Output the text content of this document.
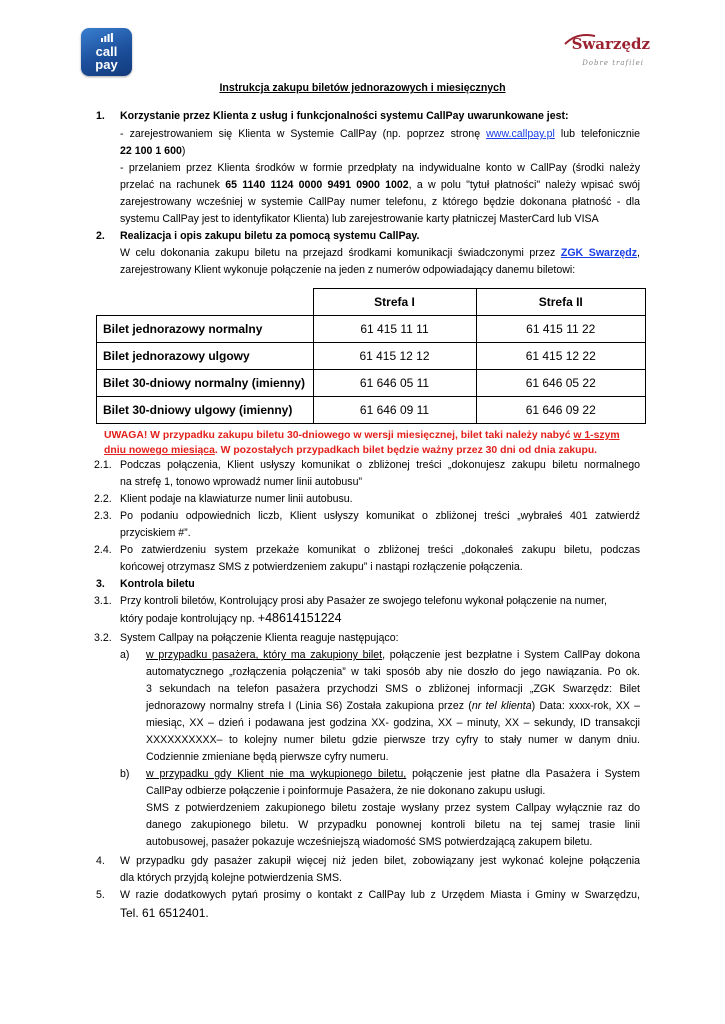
call
pay
Swarzędz
Dobre trafilei
Instrukcja zakupu biletów jednorazowych i miesięcznych
1. Korzystanie przez Klienta z usług i funkcjonalności systemu CallPay uwarunkowane jest:
- zarejestrowaniem się Klienta w Systemie CallPay (np. poprzez stronę www.callpay.pl lub telefonicznie
22 100 1 600)
- przelaniem przez Klienta środków w formie przedpłaty na indywidualne konto w CallPay (środki należy
przelać na rachunek 65 1140 1124 0000 9491 0900 1002, a w polu "tytuł płatności" należy wpisać swój
zarejestrowany wcześniej w systemie CallPay numer telefonu, z którego będzie dokonana płatność - dla
systemu CallPay jest to identyfikator Klienta) lub zarejestrowanie karty płatniczej MasterCard lub VISA
2. Realizacja i opis zakupu biletu za pomocą systemu CallPay.
W celu dokonania zakupu biletu na przejazd środkami komunikacji świadczonymi przez ZGK Swarzędz,
zarejestrowany Klient wykonuje połączenie na jeden z numerów odpowiadający danemu biletowi:
	Strefa I	Strefa II
Bilet jednorazowy normalny	61 415 11 11	61 415 11 22
Bilet jednorazowy ulgowy	61 415 12 12	61 415 12 22
Bilet 30-dniowy normalny (imienny)	61 646 05 11	61 646 05 22
Bilet 30-dniowy ulgowy (imienny)	61 646 09 11	61 646 09 22
UWAGA! W przypadku zakupu biletu 30-dniowego w wersji miesięcznej, bilet taki należy nabyć w 1-szym
dniu nowego miesiąca. W pozostałych przypadkach bilet będzie ważny przez 30 dni od dnia zakupu.
2.1. Podczas połączenia, Klient usłyszy komunikat o zbliżonej treści „dokonujesz zakupu biletu normalnego
na strefę 1, tonowo wprowadź numer linii autobusu”
2.2. Klient podaje na klawiaturze numer linii autobusu.
2.3. Po podaniu odpowiednich liczb, Klient usłyszy komunikat o zbliżonej treści „wybrałeś 401 zatwierdź
przyciskiem #”.
2.4. Po zatwierdzeniu system przekaże komunikat o zbliżonej treści „dokonałeś zakupu biletu, podczas
końcowej otrzymasz SMS z potwierdzeniem zakupu” i nastąpi rozłączenie połączenia.
3. Kontrola biletu
3.1. Przy kontroli biletów, Kontrolujący prosi aby Pasażer ze swojego telefonu wykonał połączenie na numer,
który podaje kontrolujący np. +48614151224
3.2. System Callpay na połączenie Klienta reaguje następująco:
a) w przypadku pasażera, który ma zakupiony bilet, połączenie jest bezpłatne i System CallPay dokona
automatycznego „rozłączenia połączenia” w taki sposób aby nie doszło do jego nawiązania. Po ok.
3 sekundach na telefon pasażera przychodzi SMS o zbliżonej informacji „ZGK Swarzędz: Bilet
jednorazowy normalny strefa I (Linia S6) Została zakupiona przez (nr tel klienta) Data: xxxx-rok, XX –
miesiąc, XX – dzień i podawana jest godzina XX- godzina, XX – minuty, XX – sekundy, ID transakcji
XXXXXXXXXX– to kolejny numer biletu gdzie pierwsze trzy cyfry to stały numer w danym dniu.
Codziennie zmieniane będą pierwsze cyfry numeru.
b) w przypadku gdy Klient nie ma wykupionego biletu, połączenie jest płatne dla Pasażera i System
CallPay odbierze połączenie i poinformuje Pasażera, że nie dokonano zakupu usługi.
SMS z potwierdzeniem zakupionego biletu zostaje wysłany przez system Callpay wyłącznie raz do
danego zakupionego biletu. W przypadku ponownej kontroli biletu na tej samej trasie linii
autobusowej, pasażer pokazuje wcześniejszą wiadomość SMS potwierdzającą zakupem biletu.
4. W przypadku gdy pasażer zakupił więcej niż jeden bilet, zobowiązany jest wykonać kolejne połączenia
dla których przyjdą kolejne potwierdzenia SMS.
5. W razie dodatkowych pytań prosimy o kontakt z CallPay lub z Urzędem Miasta i Gminy w Swarzędzu,
Tel. 61 6512401.
